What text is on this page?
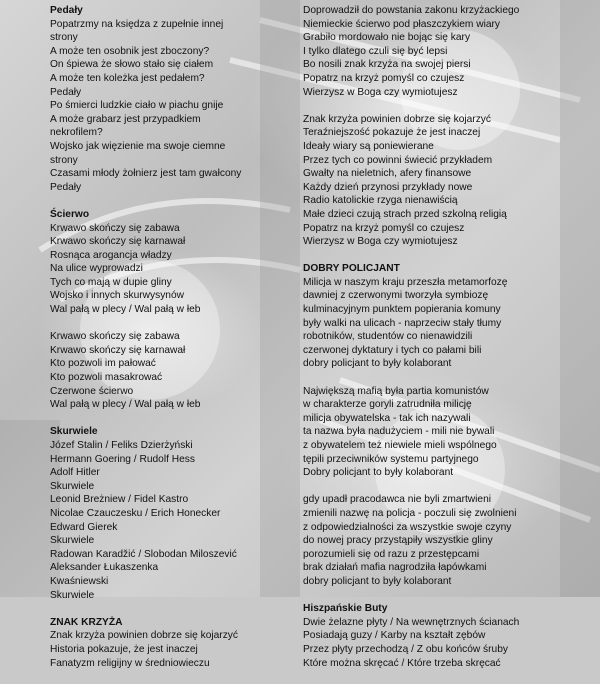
Pedały
Popatrzmy na księdza z zupełnie innej
strony
A może ten osobnik jest zboczony?
On śpiewa że słowo stało się ciałem
A może ten koleżka jest pedałem?
Pedały
Po śmierci ludzkie ciało w piachu gnije
A może grabarz jest przypadkiem
nekrofilem?
Wojsko jak więzienie ma swoje ciemne
strony
Czasami młody żołnierz jest tam gwałcony
Pedały
Ścierwo
Krwawo skończy się zabawa
Krwawo skończy się karnawał
Rosnąca arogancja władzy
Na ulice wyprowadzi
Tych co mają w dupie gliny
Wojsko i innych skurwysynów
Wal pałą w plecy / Wal pałą w łeb
Krwawo skończy się zabawa
Krwawo skończy się karnawał
Kto pozwoli im pałować
Kto pozwoli masakrować
Czerwone ścierwo
Wal pałą w plecy / Wal pałą w łeb
Skurwiele
Józef Stalin / Feliks Dzierżyński
Hermann Goering / Rudolf Hess
Adolf Hitler
Skurwiele
Leonid Breżniew / Fidel Kastro
Nicolae Czauczesku / Erich Honecker
Edward Gierek
Skurwiele
Radowan Karadžić / Slobodan Miloszević
Aleksander Łukaszenka
Kwaśniewski
Skurwiele
ZNAK KRZYŻA
Znak krzyża powinien dobrze się kojarzyć
Historia pokazuje, że jest inaczej
Fanatyzm religijny w średniowieczu
Doprowadził do powstania zakonu krzyżackiego
Niemieckie ścierwo pod płaszczykiem wiary
Grabiło mordowało nie bojąc się kary
I tylko dlatego czuli się być lepsi
Bo nosili znak krzyża na swojej piersi
Popatrz na krzyż pomyśl co czujesz
Wierzysz w Boga czy wymiotujesz
Znak krzyża powinien dobrze się kojarzyć
Teraźniejszość pokazuje że jest inaczej
Ideały wiary są poniewierane
Przez tych co powinni świecić przykładem
Gwałty na nieletnich, afery finansowe
Każdy dzień przynosi przykłady nowe
Radio katolickie rzyga nienawiścią
Małe dzieci czują strach przed szkolną religią
Popatrz na krzyż pomyśl co czujesz
Wierzysz w Boga czy wymiotujesz
DOBRY POLICJANT
Milicja w naszym kraju przeszła metamorfozę
dawniej z czerwonymi tworzyła symbiozę
kulminacyjnym punktem popierania komuny
były walki na ulicach - naprzeciw stały tłumy
robotników, studentów co nienawidzili
czerwonej dyktatury i tych co pałami bili
dobry policjant to były kolaborant
Największą mafią była partia komunistów
w charakterze goryli zatrudniła milicję
milicja obywatelska - tak ich nazywali
ta nazwa była nadużyciem - mili nie bywali
z obywatelem też niewiele mieli wspólnego
tępili przeciwników systemu partyjnego
Dobry policjant to były kolaborant
gdy upadł pracodawca nie byli zmartwieni
zmienili nazwę na policja - poczuli się zwolnieni
z odpowiedzialności za wszystkie swoje czyny
do nowej pracy przystąpiły wszystkie gliny
porozumieli się od razu z przestępcami
brak działań mafia nagrodziła łapówkami
dobry policjant to były kolaborant
Hiszpańskie Buty
Dwie żelazne płyty / Na wewnętrznych ścianach
Posiadają guzy / Karby na kształt zębów
Przez płyty przechodzą / Z obu końców śruby
Które można skręcać / Które trzeba skręcać
